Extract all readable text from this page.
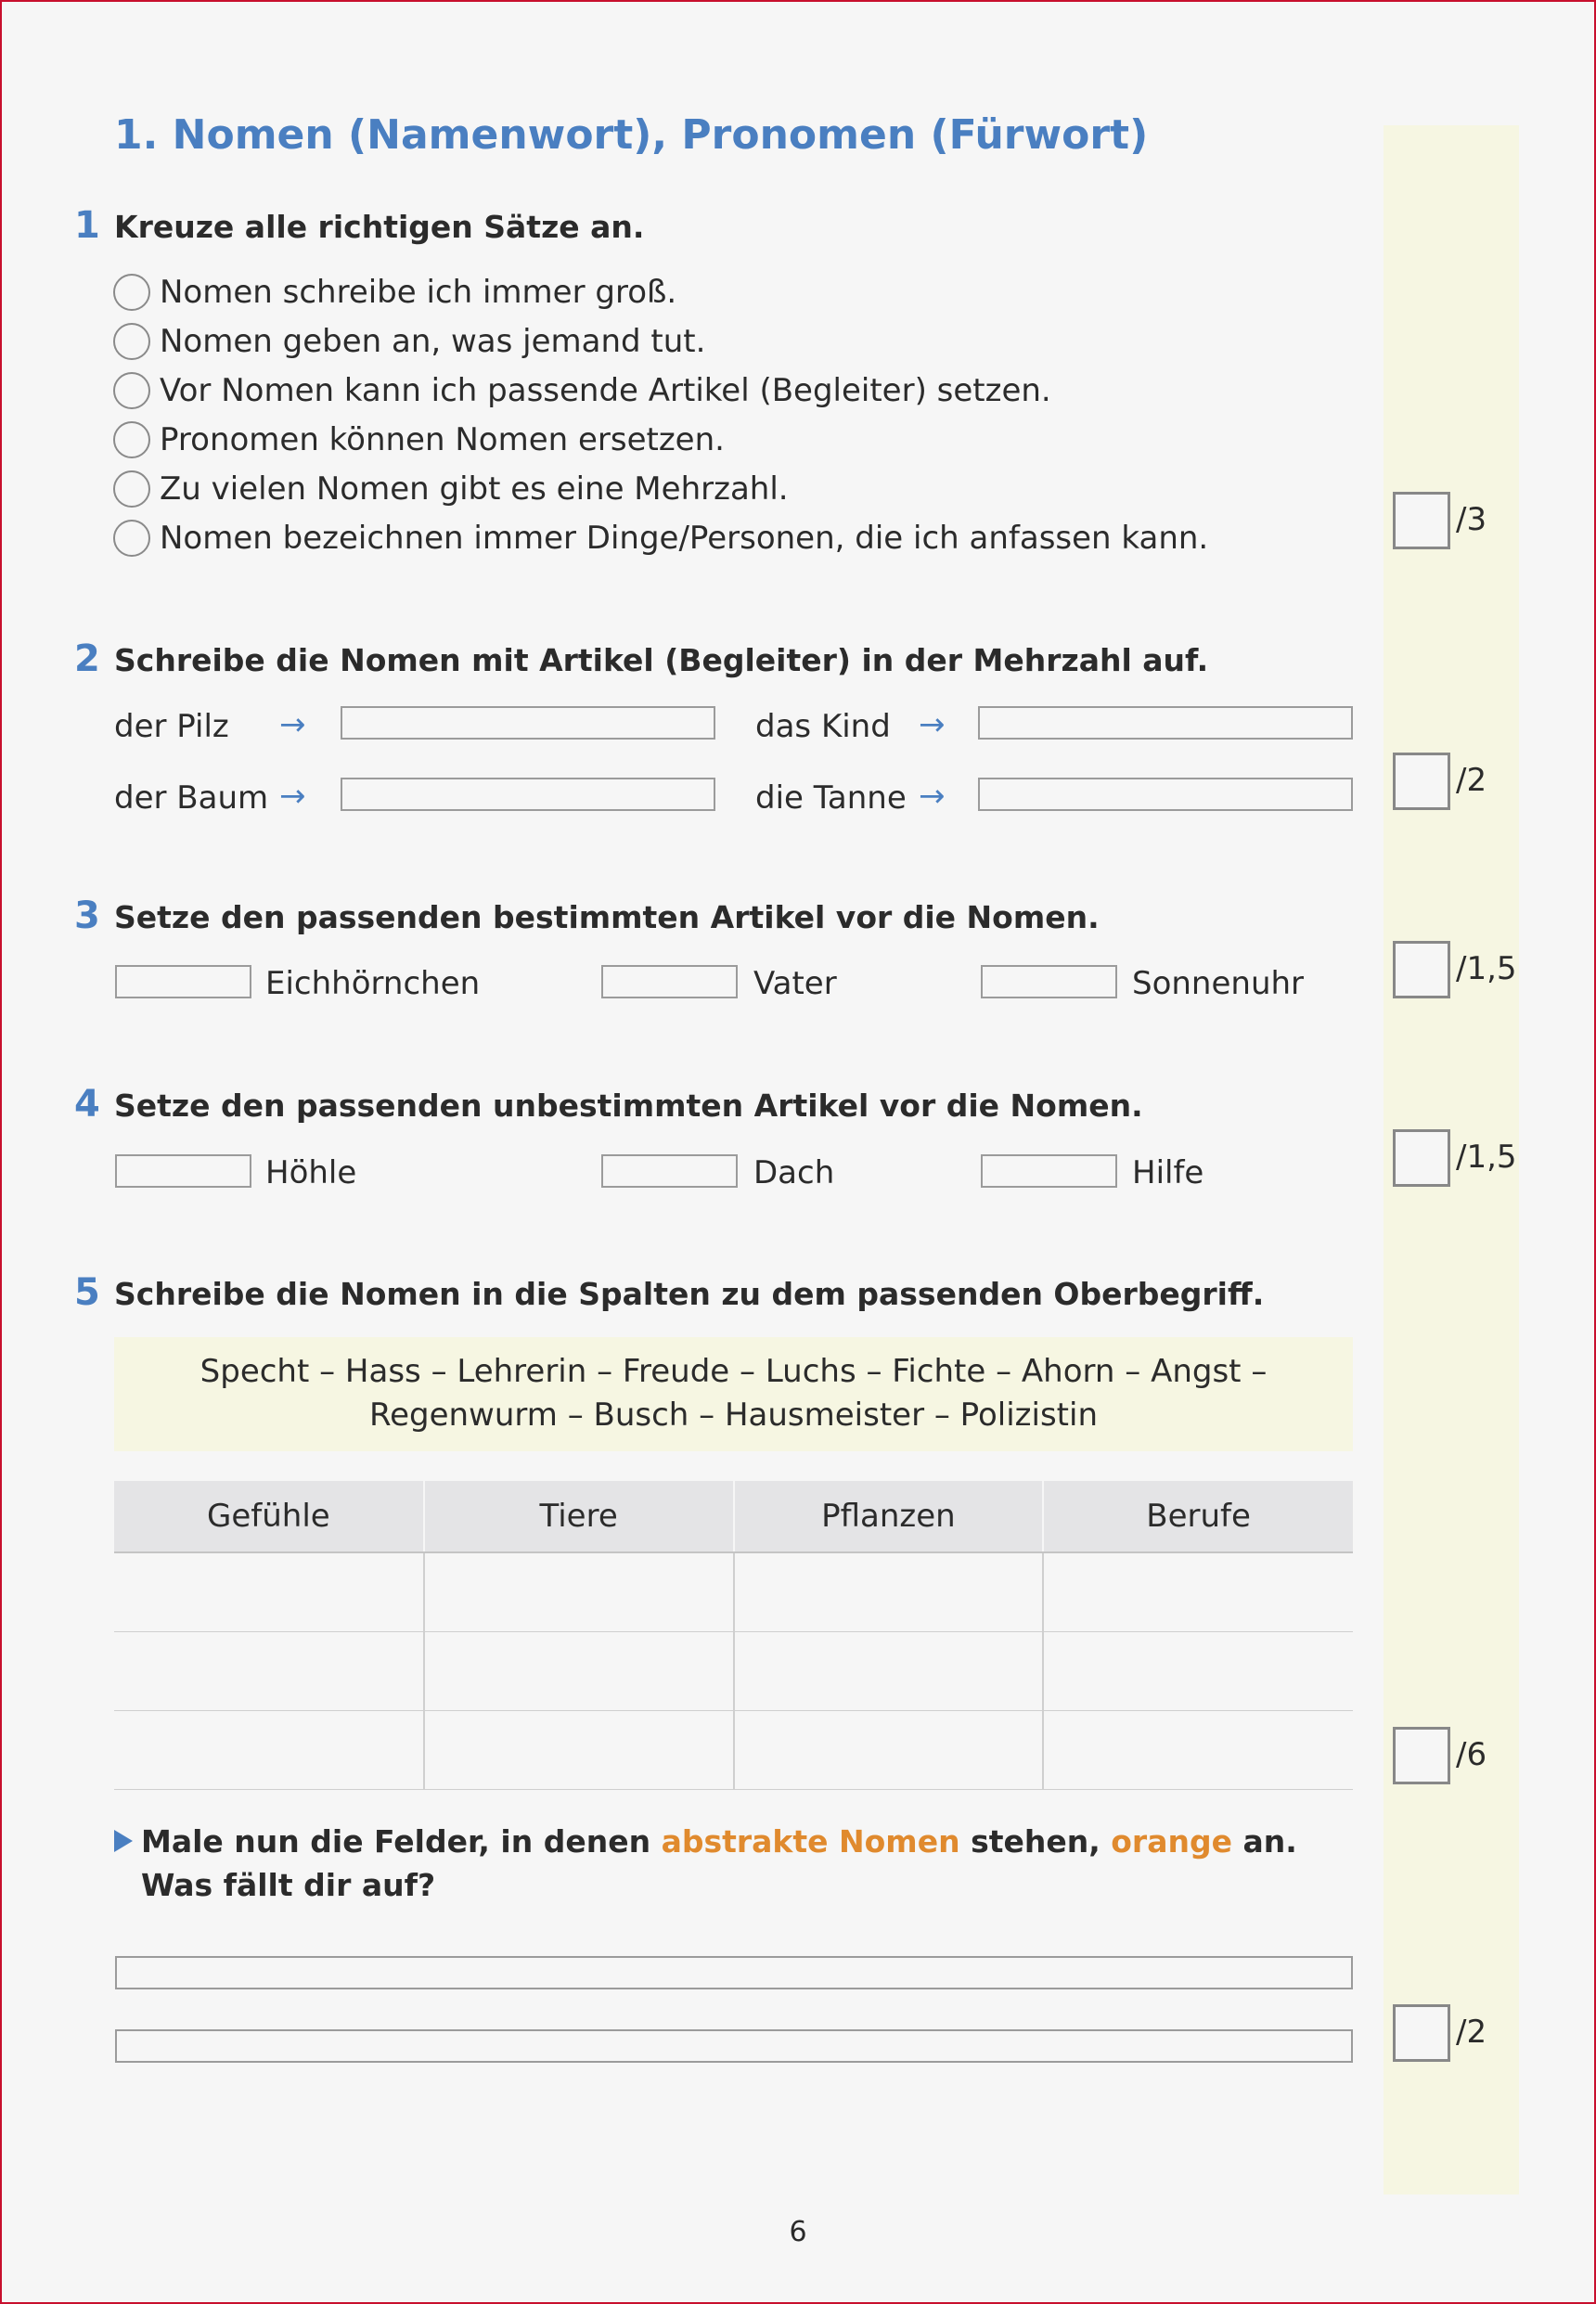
1. Nomen (Namenwort), Pronomen (Fürwort)
1 Kreuze alle richtigen Sätze an.
Nomen schreibe ich immer groß.
Nomen geben an, was jemand tut.
Vor Nomen kann ich passende Artikel (Begleiter) setzen.
Pronomen können Nomen ersetzen.
Zu vielen Nomen gibt es eine Mehrzahl.
Nomen bezeichnen immer Dinge/Personen, die ich anfassen kann.	/3
2 Schreibe die Nomen mit Artikel (Begleiter) in der Mehrzahl auf.
der Pilz →	das Kind →
der Baum →	die Tanne →	/2
3 Setze den passenden bestimmten Artikel vor die Nomen.
Eichhörnchen	Vater	Sonnenuhr	/1,5
4 Setze den passenden unbestimmten Artikel vor die Nomen.
Höhle	Dach	Hilfe	/1,5
5 Schreibe die Nomen in die Spalten zu dem passenden Oberbegriff.
Specht – Hass – Lehrerin – Freude – Luchs – Fichte – Ahorn – Angst –
Regenwurm – Busch – Hausmeister – Polizistin
Gefühle	Tiere	Pflanzen	Berufe

/6
Male nun die Felder, in denen abstrakte Nomen stehen, orange an.
Was fällt dir auf?
/2
6
